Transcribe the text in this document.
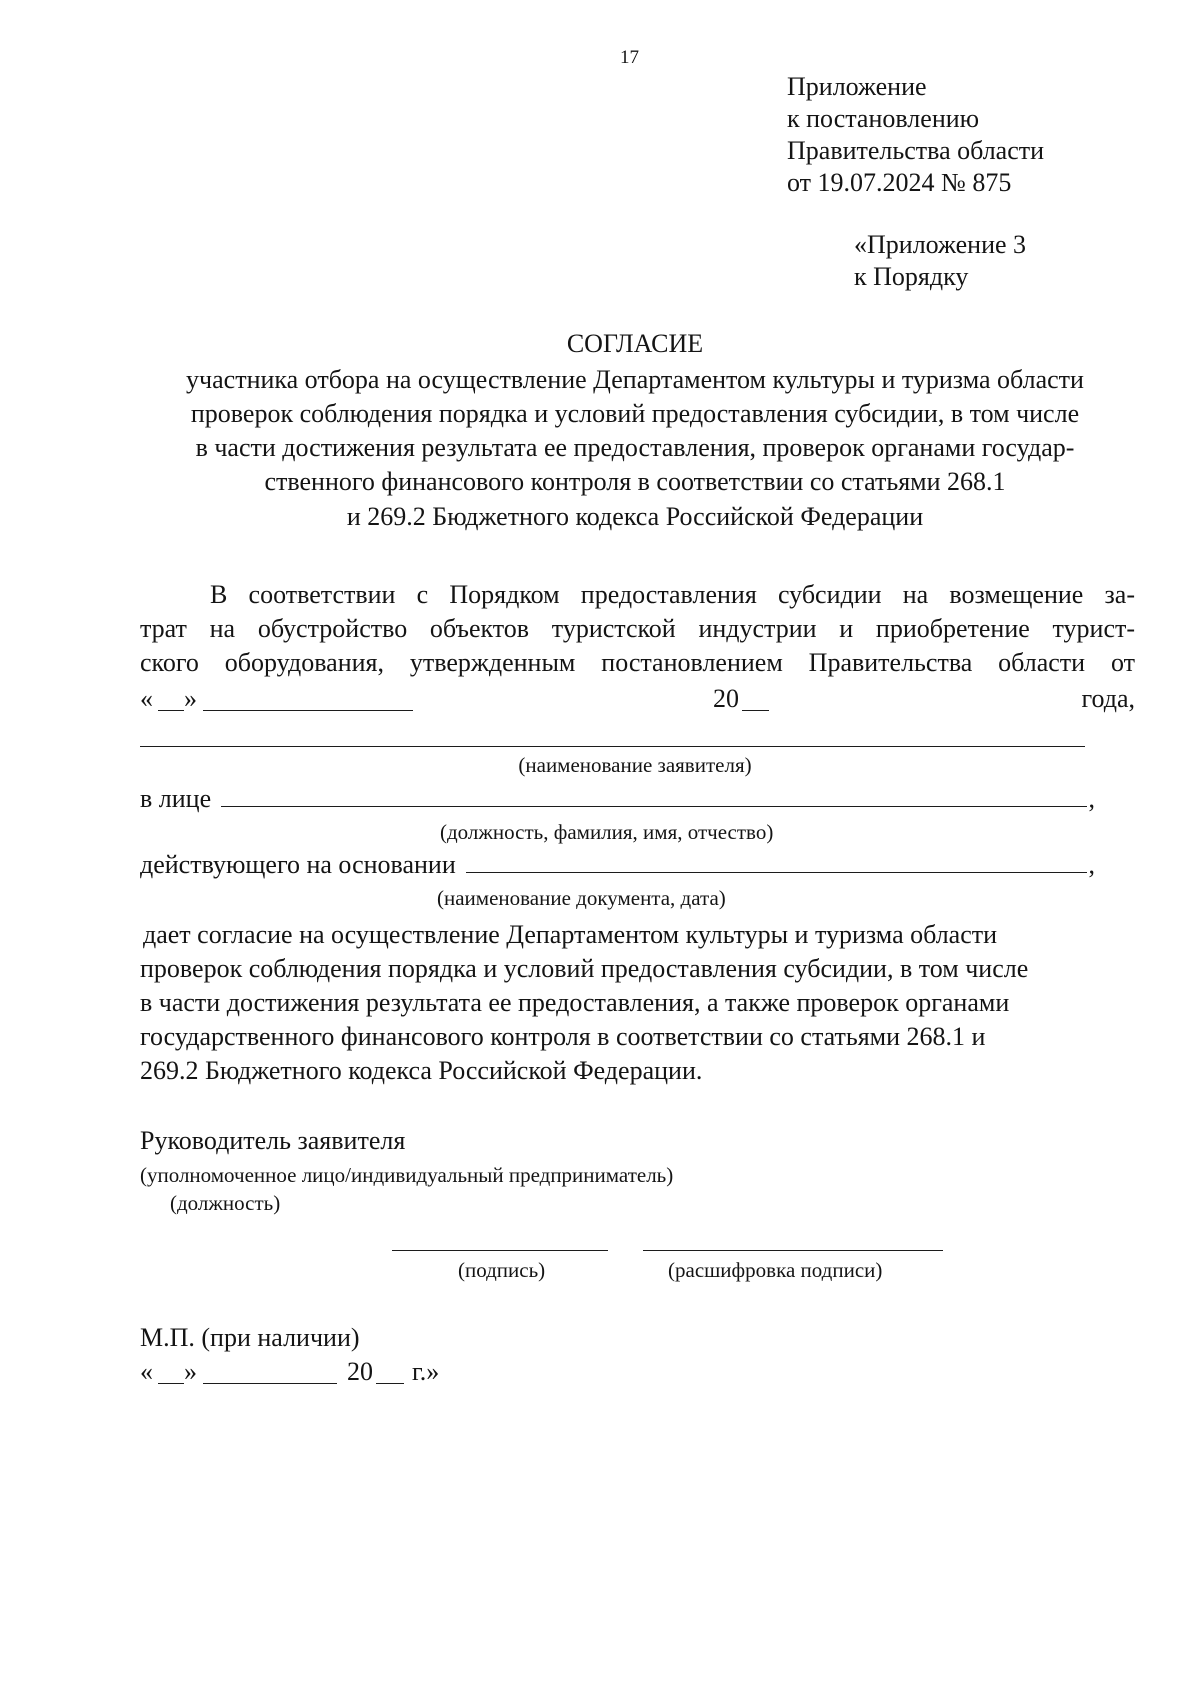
17
Приложение
к постановлению
Правительства области
от 19.07.2024 № 875
«Приложение 3
к Порядку
СОГЛАСИЕ
участника отбора на осуществление Департаментом культуры и туризма области
проверок соблюдения порядка и условий предоставления субсидии, в том числе
в части достижения результата ее предоставления, проверок органами государ-
ственного финансового контроля в соответствии со статьями 268.1
и 269.2 Бюджетного кодекса Российской Федерации
В соответствии с Порядком предоставления субсидии на возмещение за-
трат на обустройство объектов туристской индустрии и приобретение турист-
ского оборудования, утвержденным постановлением Правительства области от
« »	20	года,
(наименование заявителя)
в лице	,
(должность, фамилия, имя, отчество)
действующего на основании	,
(наименование документа, дата)
дает согласие на осуществление Департаментом культуры и туризма области
проверок соблюдения порядка и условий предоставления субсидии, в том числе
в части достижения результата ее предоставления, а также проверок органами
государственного финансового контроля в соответствии со статьями 268.1 и
269.2 Бюджетного кодекса Российской Федерации.
Руководитель заявителя
(уполномоченное лицо/индивидуальный предприниматель)
(должность)
(подпись)	(расшифровка подписи)
М.П. (при наличии)
« »	20 г.»
